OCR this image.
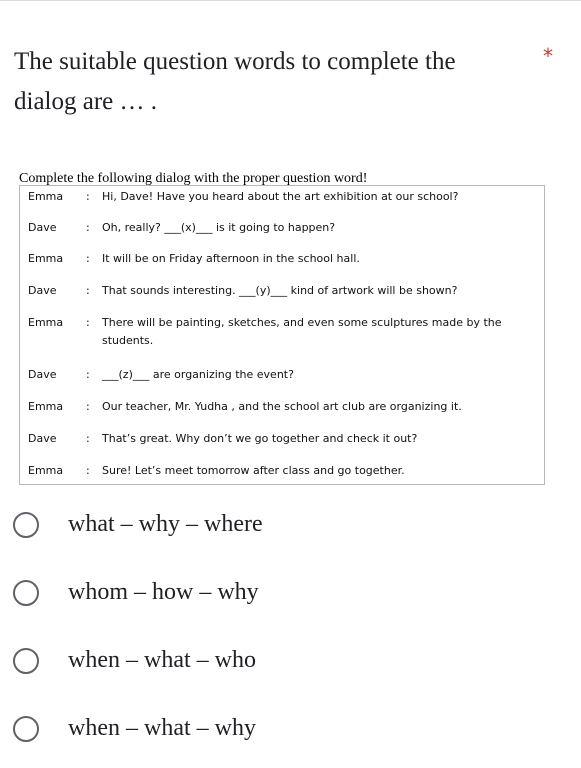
The suitable question words to complete the
dialog are … .
*
Complete the following dialog with the proper question word!
Emma : Hi, Dave! Have you heard about the art exhibition at our school?
Dave	: Oh, really? ___(x)___ is it going to happen?
Emma : It will be on Friday afternoon in the school hall.
Dave	: That sounds interesting. ___(y)___ kind of artwork will be shown?
Emma : There will be painting, sketches, and even some sculptures made by the students.
Dave	: ___(z)___ are organizing the event?
Emma : Our teacher, Mr. Yudha , and the school art club are organizing it.
Dave	: That’s great. Why don’t we go together and check it out?
Emma : Sure! Let’s meet tomorrow after class and go together.
what – why – where
whom – how – why
when – what – who
when – what – why
